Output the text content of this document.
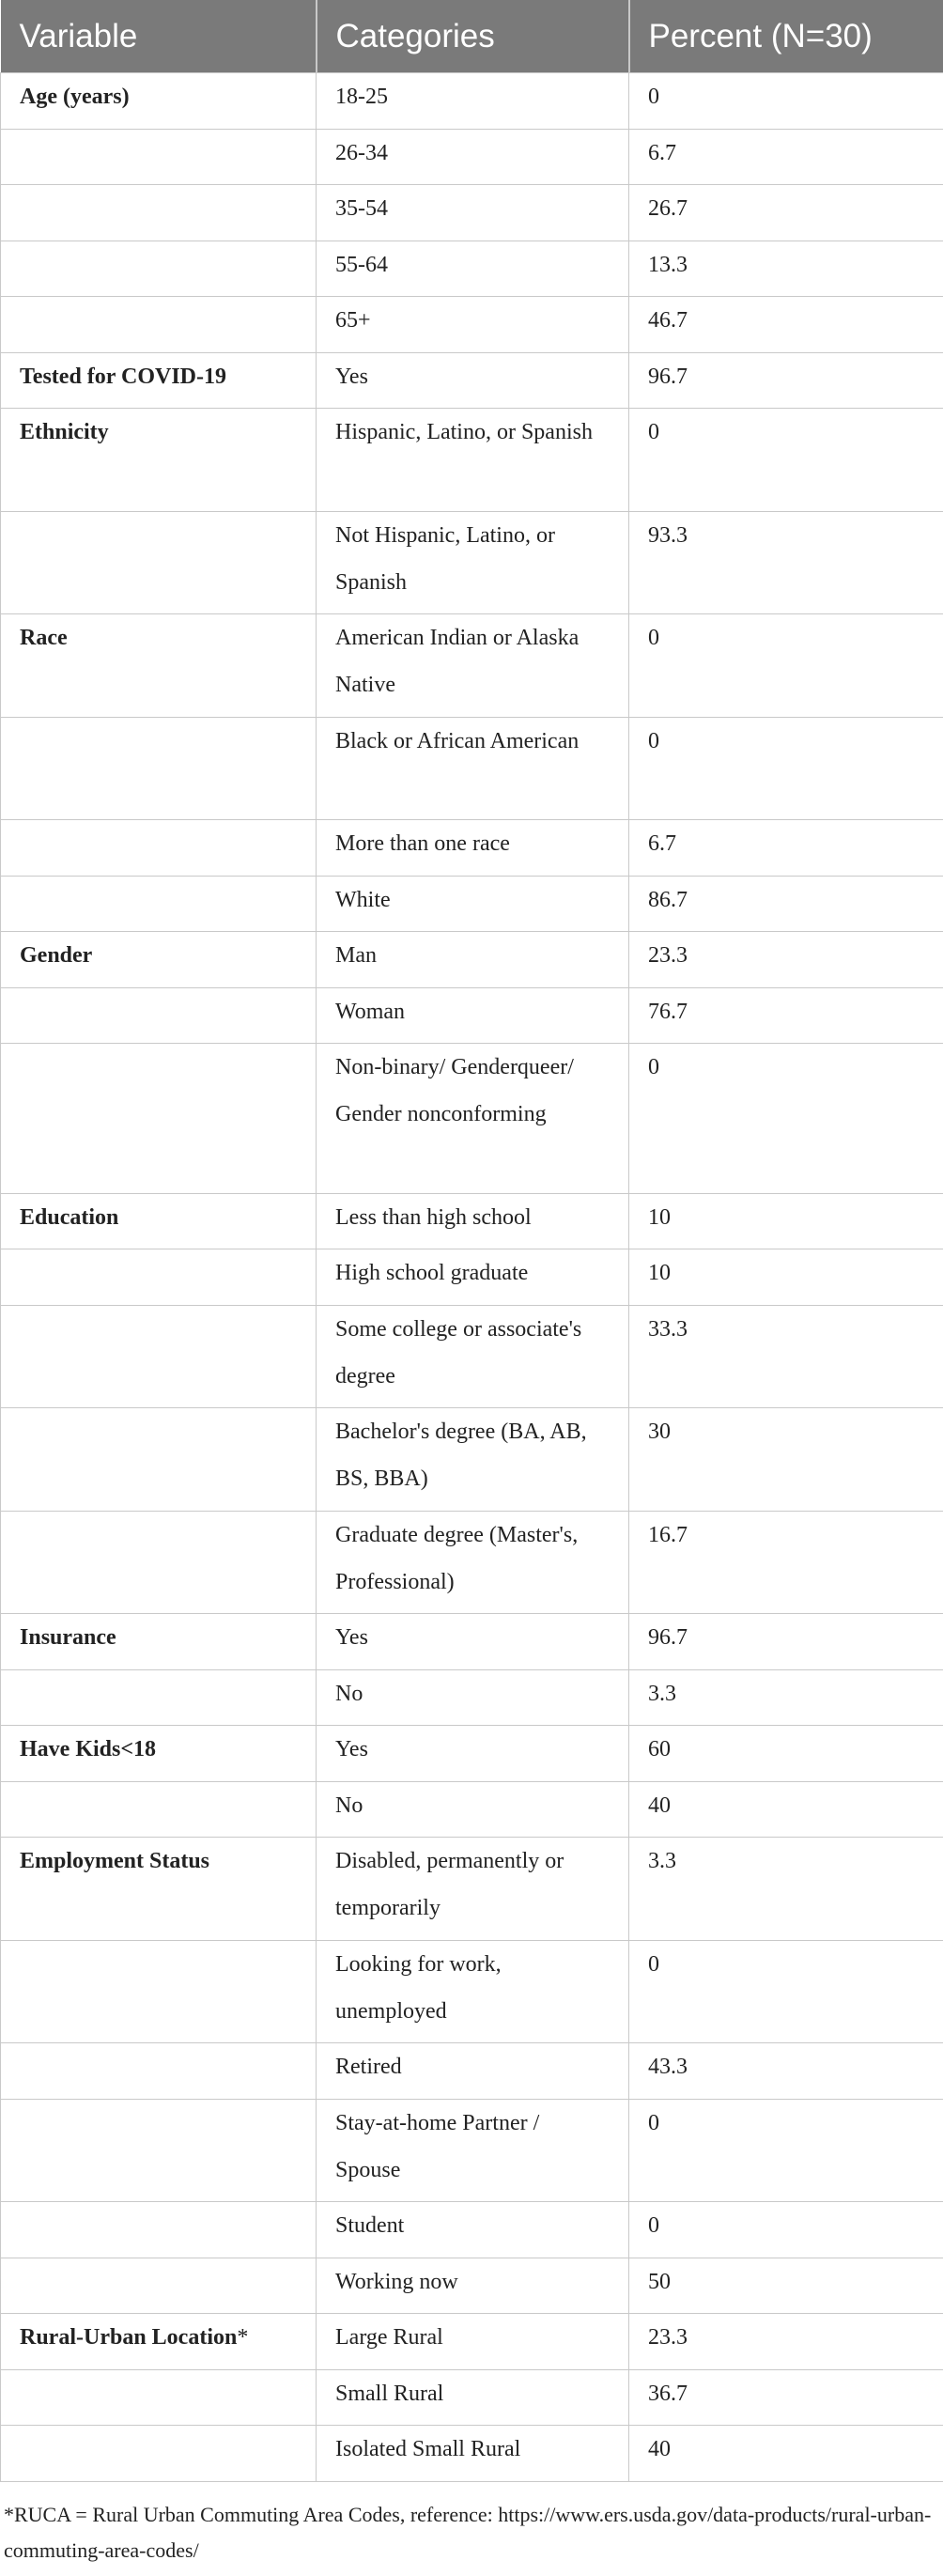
Variable	Categories	Percent (N=30)
Age (years)	18-25	0
	26-34	6.7
	35-54	26.7
	55-64	13.3
	65+	46.7
Tested for COVID-19	Yes	96.7
Ethnicity	Hispanic, Latino, or Spanish	0
	Not Hispanic, Latino, or Spanish	93.3
Race	American Indian or Alaska Native	0
	Black or African American	0
	More than one race	6.7
	White	86.7
Gender	Man	23.3
	Woman	76.7
	Non-binary/ Genderqueer/ Gender nonconforming	0
Education	Less than high school	10
	High school graduate	10
	Some college or associate's degree	33.3
	Bachelor's degree (BA, AB, BS, BBA)	30
	Graduate degree (Master's, Professional)	16.7
Insurance	Yes	96.7
	No	3.3
Have Kids<18	Yes	60
	No	40
Employment Status	Disabled, permanently or temporarily	3.3
	Looking for work, unemployed	0
	Retired	43.3
	Stay-at-home Partner / Spouse	0
	Student	0
	Working now	50
Rural-Urban Location*	Large Rural	23.3
	Small Rural	36.7
	Isolated Small Rural	40
*RUCA = Rural Urban Commuting Area Codes, reference: https://www.ers.usda.gov/data-products/rural-urban-commuting-area-codes/
